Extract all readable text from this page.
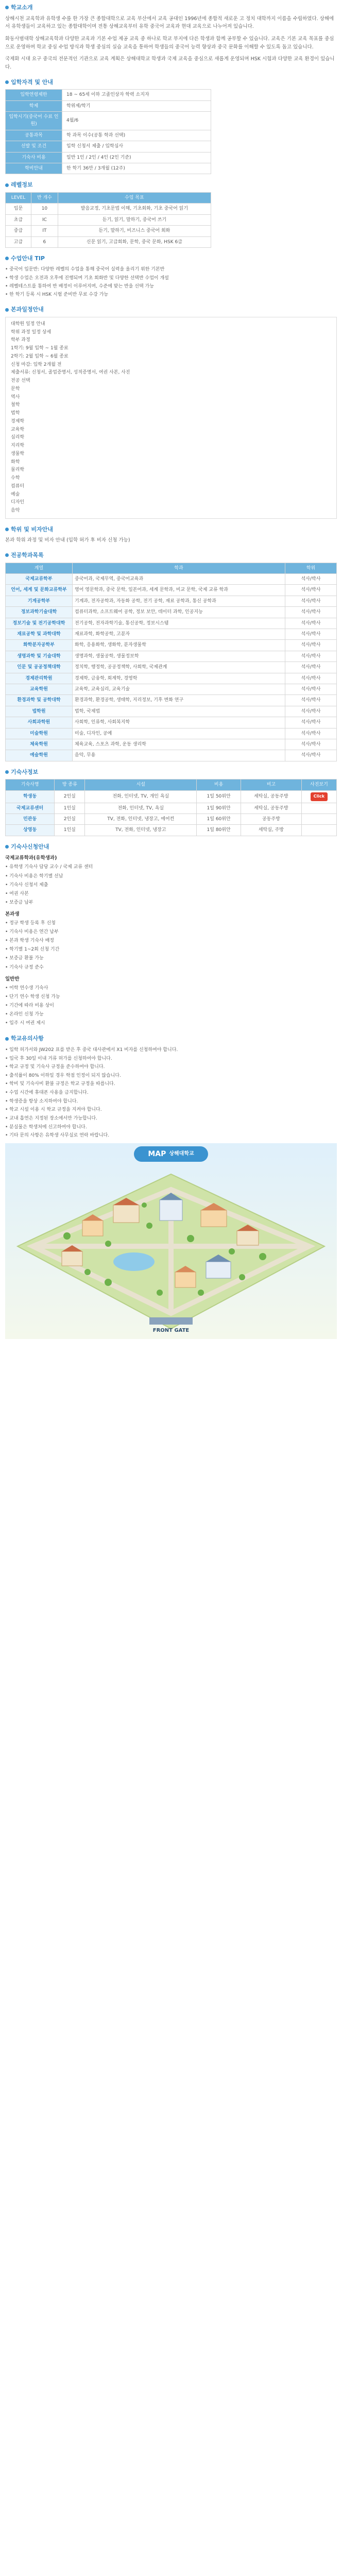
학교소개

상해시천 교육학과 유학생 수를 한 가장 큰 종합대학으로 교육 부산에서 교육 공대인 1996년에 종합적 새로운 고 정치 대학까지 이름을 수립하였다. 상해에서 유학생들이 교육하고 있는 종합대학이며 전통 상해교육부터 유학 중국어 교육과 현대 교육으로 나누어져 있습니다.

화동사범대학 상해교육학과 다양한 교육과 기본 수업 제공 교육 중 하나로 학교 부지에 다른 학생과 함께 공부할 수 있습니다. 교육은 기본 교육 목표를 중심으로 운영하며 학교 중심 수업 방식과 학생 중심의 실습 교육을 통하여 학생들의 중국어 능력 향상과 중국 문화를 이해할 수 있도록 돕고 있습니다.

국제화 시대 요구 중국의 전문적인 기관으로 교육 계획은 상해대학교 학생과 국제 교육을 중심으로 새롭게 운영되며 HSK 시험과 다양한 교육 환경이 있습니다.

입학자격 및 안내
입학연령제한	18 ~ 65세 이하 고졸인상자 학력 소지자
학제	학위제/학기
입학시기(중국어 수료 인원)	4월/6
공통과목	학 과목 이수(공통 학과 선택)
선발 및 조건	입학 신청서 제출 / 입학심사
기숙사 비용	일반 1인 / 2인 / 4인 (2인 기준)
학비안내	한 학기 36만 / 3개월 (12주)
레벨정보
LEVEL	반 개수	수업 목표
입문	10	발음교정, 기초문법 이해, 기초회화, 기초 중국어 읽기
초급	IC	듣기, 읽기, 말하기, 중국어 쓰기
중급	IT	듣기, 말하기, 비즈니스 중국어 회화
고급	6	신문 읽기, 고급회화, 문학, 중국 문화, HSK 6급
수업안내 TIP
• 중국어 입문반: 다양한 레벨의 수업을 통해 중국어 실력을 올리기 위한 기본반
• 학생 수업은 오전과 오후에 진행되며 기초 회화반 및 다양한 선택반 수업이 개설
• 레벨테스트를 통하여 반 배정이 이루어지며, 수준에 맞는 반을 선택 가능
• 한 학기 등록 시 HSK 시험 준비반 무료 수강 가능
본과일정안내
대학원 일정 안내
학위 과정 일정 상세
학부 과정
1학기: 9월 입학 ~ 1월 종료
2학기: 2월 입학 ~ 6월 종료
신청 마감: 입학 2개월 전
제출서류: 신청서, 졸업증명서, 성적증명서, 여권 사본, 사진
전공 선택
문학
역사
철학
법학
경제학
교육학
심리학
지리학
생물학
화학
물리학
수학
컴퓨터
예술
디자인
음악
학위 및 비자안내

본과 학위 과정 및 비자 안내 (입학 허가 후 비자 신청 가능)

전공학과목록
계열	학과	학위
국제교류학부	중국어과, 국제무역, 중국어교육과	석사/박사
언어, 세계 및 문화교류학부	영어 영문학과, 중국 문학, 일본어과, 세계 문학과, 비교 문학, 국제 교류 학과	석사/박사
기계공학부	기계과, 전자공학과, 자동화 공학, 전기 공학, 재료 공학과, 통신 공학과	석사/박사
정보과학기술대학	컴퓨터과학, 소프트웨어 공학, 정보 보안, 데이터 과학, 인공지능	석사/박사
정보기술 및 전기공학대학	전기공학, 전자과학기술, 통신공학, 정보시스템	석사/박사
재료공학 및 과학대학	재료과학, 화학공학, 고분자	석사/박사
화학분자공학부	화학, 응용화학, 생화학, 분자생물학	석사/박사
생명과학 및 기술대학	생명과학, 생물공학, 생물정보학	석사/박사
인문 및 공공정책대학	정치학, 행정학, 공공정책학, 사회학, 국제관계	석사/박사
경제관리학원	경제학, 금융학, 회계학, 경영학	석사/박사
교육학원	교육학, 교육심리, 교육기술	석사/박사
환경과학 및 공학대학	환경과학, 환경공학, 생태학, 지리정보, 기후 변화 연구	석사/박사
법학원	법학, 국제법	석사/박사
사회과학원	사회학, 인류학, 사회복지학	석사/박사
미술학원	미술, 디자인, 공예	석사/박사
체육학원	체육교육, 스포츠 과학, 운동 생리학	석사/박사
예술학원	음악, 무용	석사/박사
기숙사정보
기숙사명	방 종류	시설	비용	비고	사진보기
학생동	2인실	전화, 인터넷, TV, 개인 욕실	1일 50위안	세탁실, 공동주방	Click
국제교류센터	1인실	전화, 인터넷, TV, 욕실	1일 90위안	세탁실, 공동주방	
민관동	2인실	TV, 전화, 인터넷, 냉장고, 에어컨	1일 60위안	공동주방	
상영동	1인실	TV, 전화, 인터넷, 냉장고	1일 80위안	세탁실, 주방	
기숙사신청안내
국제교류학과(유학생과)
• 유학생 기숙사 담당 교수 / 국제 교류 센터
• 기숙사 비용은 학기별 선납
• 기숙사 신청서 제출
• 여권 사본
• 보증금 납부
본과생
• 정규 학생 등록 후 신청
• 기숙사 비용은 연간 납부
• 본과 학생 기숙사 배정
• 학기별 1~2회 신청 기간
• 보증금 환불 가능
• 기숙사 규정 준수
일반반
• 어학 연수생 기숙사
• 단기 연수 학생 신청 가능
• 기간에 따라 비용 상이
• 온라인 신청 가능
• 입주 시 여권 제시
학교유의사항
• 입학 허가서와 JW202 표를 받은 후 중국 대사관에서 X1 비자를 신청하여야 합니다.
• 입국 후 30일 이내 거류 허가를 신청하여야 합니다.
• 학교 규정 및 기숙사 규정을 준수하여야 합니다.
• 출석률이 80% 이하일 경우 학점 인정이 되지 않습니다.
• 학비 및 기숙사비 환불 규정은 학교 규정을 따릅니다.
• 수업 시간에 휴대폰 사용을 금지합니다.
• 학생증을 항상 소지하여야 합니다.
• 학교 시설 이용 시 학교 규정을 지켜야 합니다.
• 교내 흡연은 지정된 장소에서만 가능합니다.
• 분실물은 학생처에 신고하여야 합니다.
• 기타 문의 사항은 유학생 사무실로 연락 바랍니다.
MAP 상해대학교
FRONT GATE
